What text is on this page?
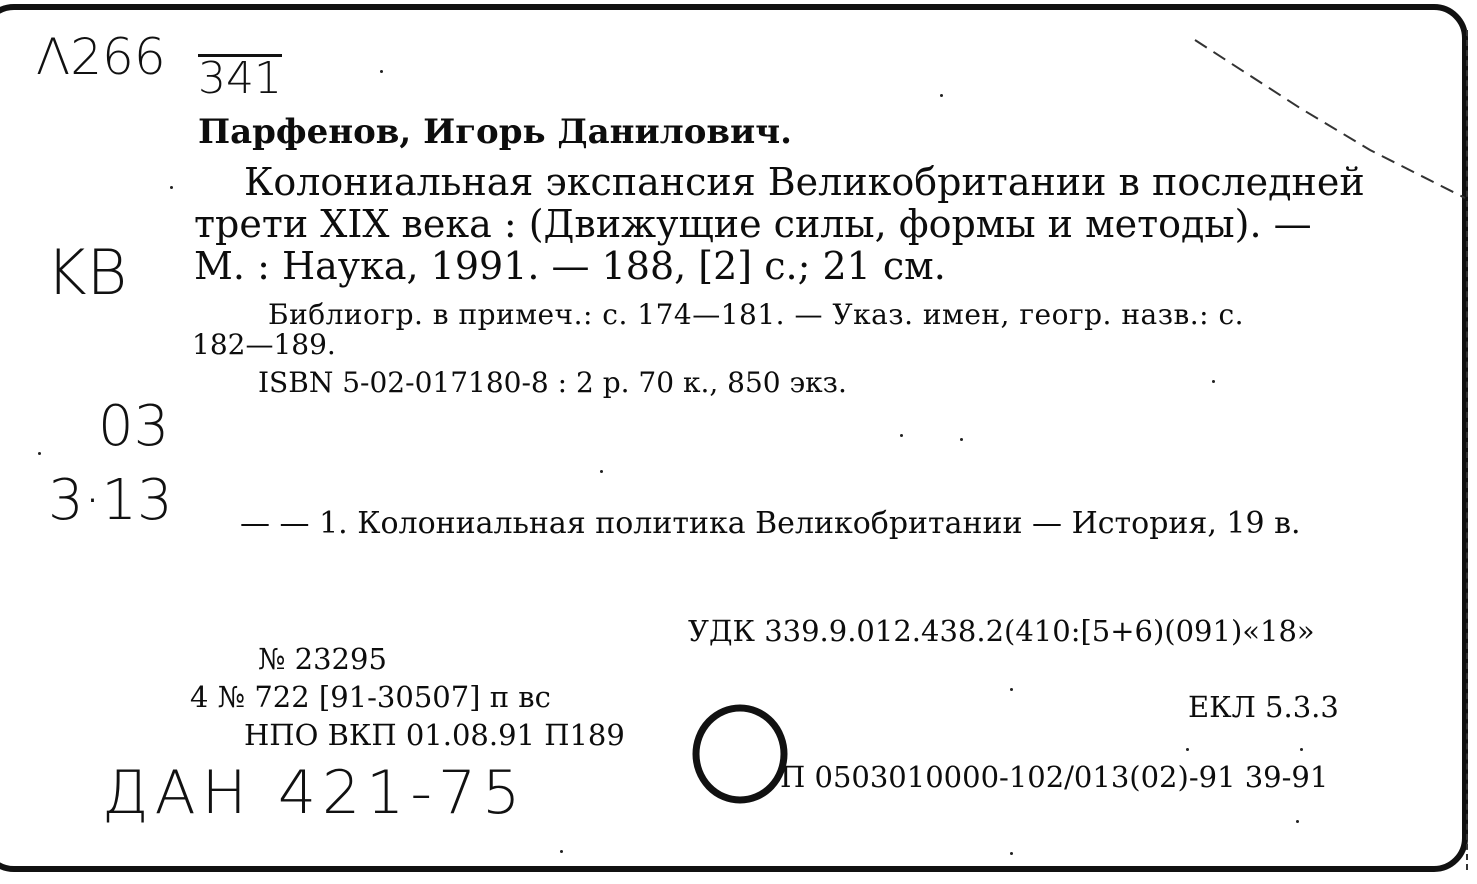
Λ266 341
KB
03
3·13
ДАН 421-75
Парфенов, Игорь Данилович.
Колониальная экспансия Великобритании в последней
трети XIX века : (Движущие силы, формы и методы). —
М. : Наука, 1991. — 188, [2] с.; 21 см.
Библиогр. в примеч.: с. 174—181. — Указ. имен, геогр. назв.: с.
182—189.
ISBN 5-02-017180-8 : 2 р. 70 к., 850 экз.
— — 1. Колониальная политика Великобритании — История, 19 в.
УДК 339.9.012.438.2(410:[5+6)(091)«18»
№ 23295
4 № 722 [91-30507] п вс
НПО ВКП 01.08.91 П189
ЕКЛ 5.3.3
П 0503010000-102/013(02)-91 39-91
